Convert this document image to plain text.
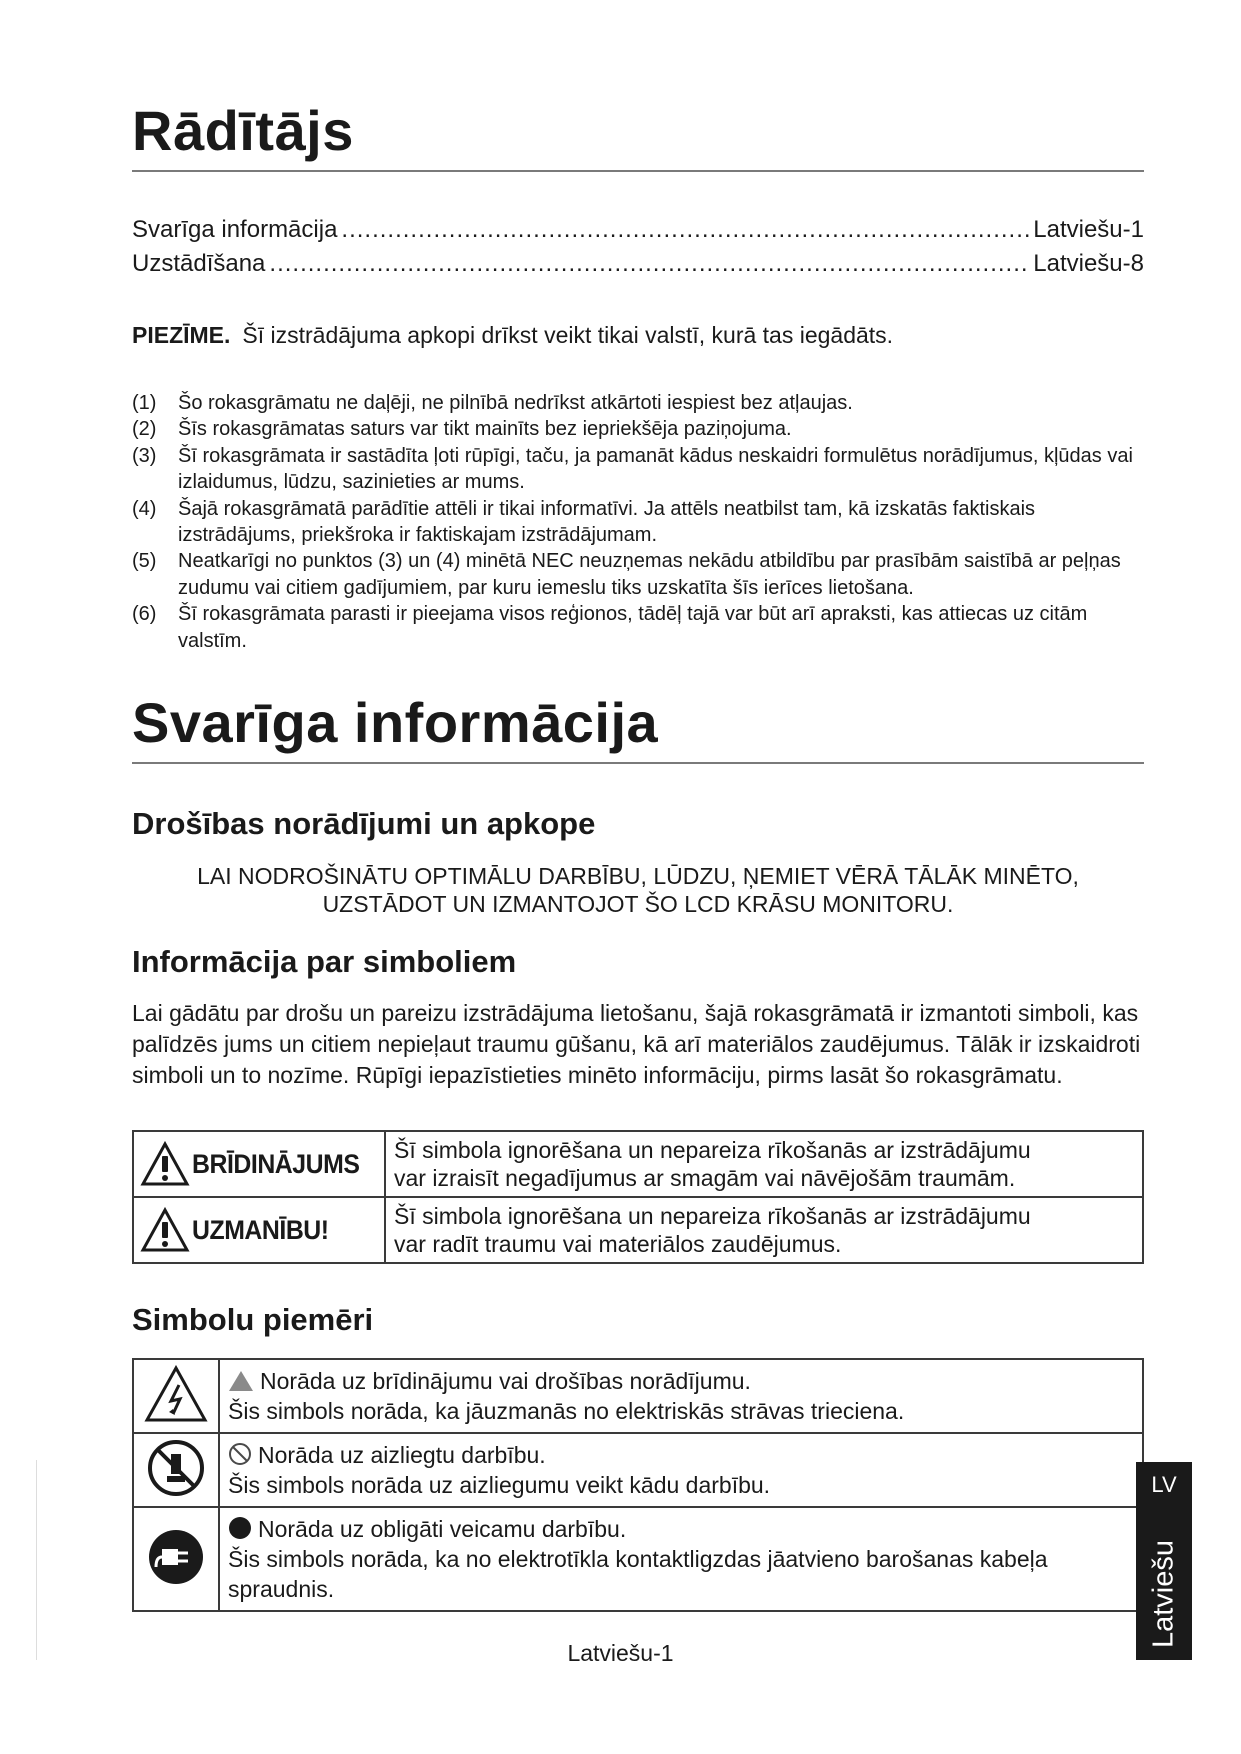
Rādītājs
Svarīga informācija .....	Latviešu-1
Uzstādīšana .....	Latviešu-8
PIEZĪME. Šī izstrādājuma apkopi drīkst veikt tikai valstī, kurā tas iegādāts.
(1) Šo rokasgrāmatu ne daļēji, ne pilnībā nedrīkst atkārtoti iespiest bez atļaujas.
(2) Šīs rokasgrāmatas saturs var tikt mainīts bez iepriekšēja paziņojuma.
(3) Šī rokasgrāmata ir sastādīta ļoti rūpīgi, taču, ja pamanāt kādus neskaidri formulētus norādījumus, kļūdas vai izlaidumus, lūdzu, sazinieties ar mums.
(4) Šajā rokasgrāmatā parādītie attēli ir tikai informatīvi. Ja attēls neatbilst tam, kā izskatās faktiskais izstrādājums, priekšroka ir faktiskajam izstrādājumam.
(5) Neatkarīgi no punktos (3) un (4) minētā NEC neuzņemas nekādu atbildību par prasībām saistībā ar peļņas zudumu vai citiem gadījumiem, par kuru iemeslu tiks uzskatīta šīs ierīces lietošana.
(6) Šī rokasgrāmata parasti ir pieejama visos reģionos, tādēļ tajā var būt arī apraksti, kas attiecas uz citām valstīm.
Svarīga informācija
Drošības norādījumi un apkope
LAI NODROŠINĀTU OPTIMĀLU DARBĪBU, LŪDZU, ŅEMIET VĒRĀ TĀLĀK MINĒTO,
UZSTĀDOT UN IZMANTOJOT ŠO LCD KRĀSU MONITORU.
Informācija par simboliem
Lai gādātu par drošu un pareizu izstrādājuma lietošanu, šajā rokasgrāmatā ir izmantoti simboli, kas palīdzēs jums un citiem nepieļaut traumu gūšanu, kā arī materiālos zaudējumus. Tālāk ir izskaidroti simboli un to nozīme. Rūpīgi iepazīstieties minēto informāciju, pirms lasāt šo rokasgrāmatu.
BRĪDINĀJUMS	Šī simbola ignorēšana un nepareiza rīkošanās ar izstrādājumu
var izraisīt negadījumus ar smagām vai nāvējošām traumām.

UZMANĪBU!	Šī simbola ignorēšana un nepareiza rīkošanās ar izstrādājumu
var radīt traumu vai materiālos zaudējumus.
Simbolu piemēri

Norāda uz brīdinājumu vai drošības norādījumu.
Šis simbols norāda, ka jāuzmanās no elektriskās strāvas trieciena.

Norāda uz aizliegtu darbību.
Šis simbols norāda uz aizliegumu veikt kādu darbību.

Norāda uz obligāti veicamu darbību.
Šis simbols norāda, ka no elektrotīkla kontaktligzdas jāatvieno barošanas kabeļa spraudnis.
Latviešu-1
LV
Latviešu
